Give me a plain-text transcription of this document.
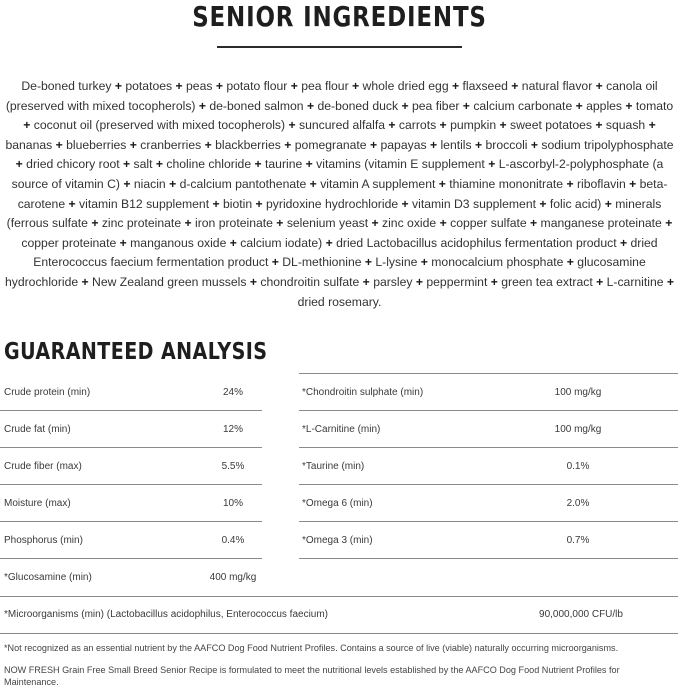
SENIOR INGREDIENTS
De-boned turkey + potatoes + peas + potato flour + pea flour + whole dried egg + flaxseed + natural flavor + canola oil (preserved with mixed tocopherols) + de-boned salmon + de-boned duck + pea fiber + calcium carbonate + apples + tomato + coconut oil (preserved with mixed tocopherols) + suncured alfalfa + carrots + pumpkin + sweet potatoes + squash + bananas + blueberries + cranberries + blackberries + pomegranate + papayas + lentils + broccoli + sodium tripolyphosphate + dried chicory root + salt + choline chloride + taurine + vitamins (vitamin E supplement + L-ascorbyl-2-polyphosphate (a source of vitamin C) + niacin + d-calcium pantothenate + vitamin A supplement + thiamine mononitrate + riboflavin + beta-carotene + vitamin B12 supplement + biotin + pyridoxine hydrochloride + vitamin D3 supplement + folic acid) + minerals (ferrous sulfate + zinc proteinate + iron proteinate + selenium yeast + zinc oxide + copper sulfate + manganese proteinate + copper proteinate + manganous oxide + calcium iodate) + dried Lactobacillus acidophilus fermentation product + dried Enterococcus faecium fermentation product + DL-methionine + L-lysine + monocalcium phosphate + glucosamine hydrochloride + New Zealand green mussels + chondroitin sulfate + parsley + peppermint + green tea extract + L-carnitine + dried rosemary.
GUARANTEED ANALYSIS
Crude protein (min)	24%
Crude fat (min)	12%
Crude fiber (max)	5.5%
Moisture (max)	10%
Phosphorus (min)	0.4%
*Glucosamine (min)	400 mg/kg
*Chondroitin sulphate (min)	100 mg/kg
*L-Carnitine (min)	100 mg/kg
*Taurine (min)	0.1%
*Omega 6 (min)	2.0%
*Omega 3 (min)	0.7%
*Microorganisms (min) (Lactobacillus acidophilus, Enterococcus faecium)	90,000,000 CFU/lb
*Not recognized as an essential nutrient by the AAFCO Dog Food Nutrient Profiles. Contains a source of live (viable) naturally occurring microorganisms.
NOW FRESH Grain Free Small Breed Senior Recipe is formulated to meet the nutritional levels established by the AAFCO Dog Food Nutrient Profiles for Maintenance.
